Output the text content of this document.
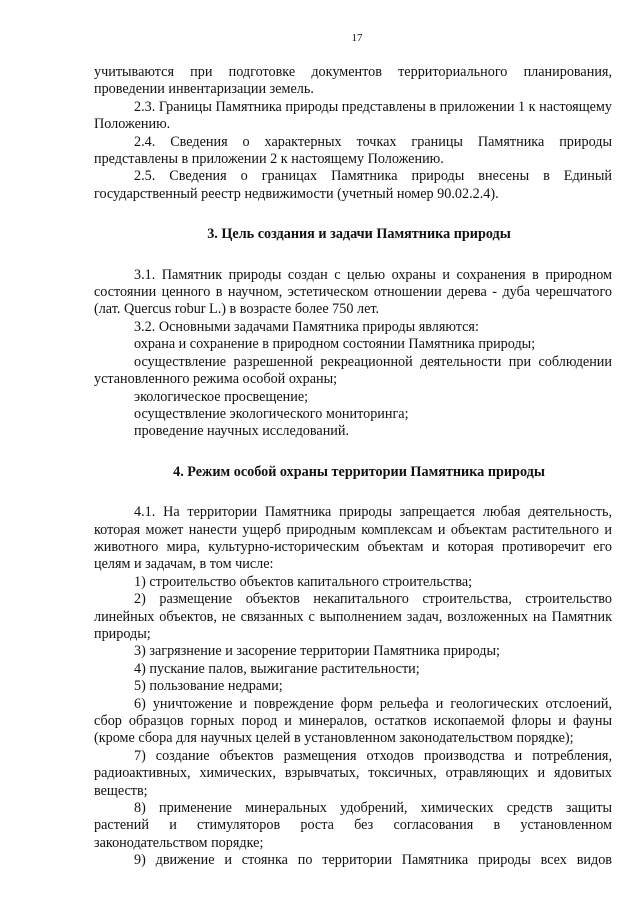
17

учитываются при подготовке документов территориального планирования, проведении инвентаризации земель.

2.3. Границы Памятника природы представлены в приложении 1 к настоящему Положению.

2.4. Сведения о характерных точках границы Памятника природы представлены в приложении 2 к настоящему Положению.

2.5. Сведения о границах Памятника природы внесены в Единый государственный реестр недвижимости (учетный номер 90.02.2.4).

3. Цель создания и задачи Памятника природы

3.1. Памятник природы создан с целью охраны и сохранения в природном состоянии ценного в научном, эстетическом отношении дерева - дуба черешчатого (лат. Quercus robur L.) в возрасте более 750 лет.

3.2. Основными задачами Памятника природы являются:

охрана и сохранение в природном состоянии Памятника природы;

осуществление разрешенной рекреационной деятельности при соблюдении установленного режима особой охраны;

экологическое просвещение;

осуществление экологического мониторинга;

проведение научных исследований.

4. Режим особой охраны территории Памятника природы

4.1. На территории Памятника природы запрещается любая деятельность, которая может нанести ущерб природным комплексам и объектам растительного и животного мира, культурно-историческим объектам и которая противоречит его целям и задачам, в том числе:

1) строительство объектов капитального строительства;

2) размещение объектов некапитального строительства, строительство линейных объектов, не связанных с выполнением задач, возложенных на Памятник природы;

3) загрязнение и засорение территории Памятника природы;

4) пускание палов, выжигание растительности;

5) пользование недрами;

6) уничтожение и повреждение форм рельефа и геологических отслоений, сбор образцов горных пород и минералов, остатков ископаемой флоры и фауны (кроме сбора для научных целей в установленном законодательством порядке);

7) создание объектов размещения отходов производства и потребления, радиоактивных, химических, взрывчатых, токсичных, отравляющих и ядовитых веществ;

8) применение минеральных удобрений, химических средств защиты растений и стимуляторов роста без согласования в установленном законодательством порядке;

9) движение и стоянка по территории Памятника природы всех видов
